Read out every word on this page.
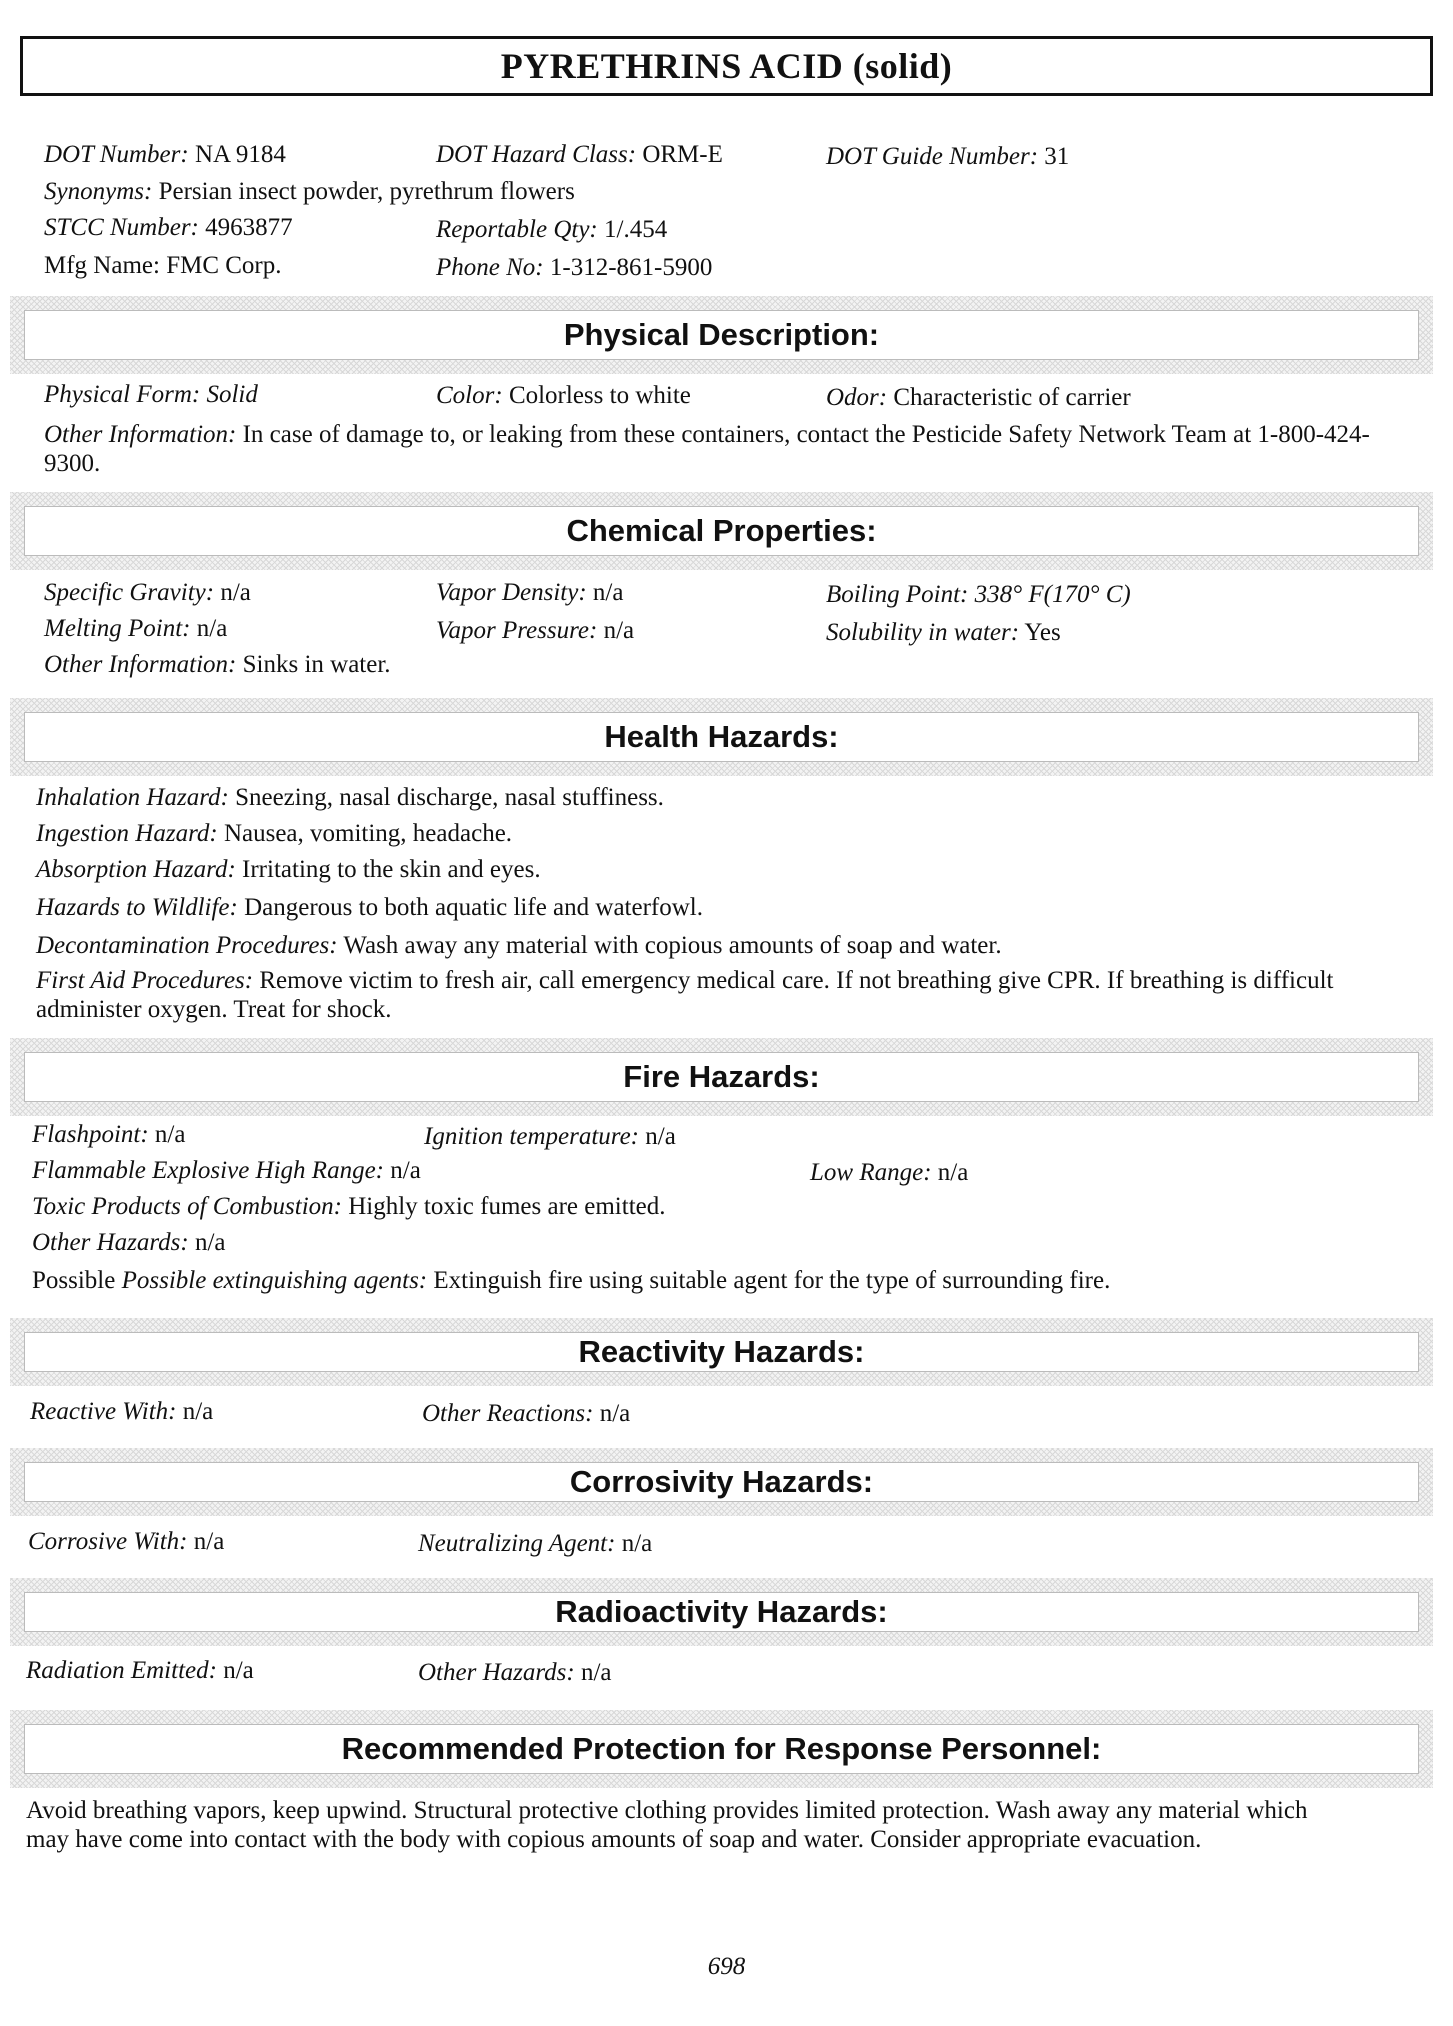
PYRETHRINS ACID (solid)
DOT Number: NA 9184	DOT Hazard Class: ORM-E	DOT Guide Number: 31
Synonyms: Persian insect powder, pyrethrum flowers
STCC Number: 4963877	Reportable Qty: 1/.454
Mfg Name: FMC Corp.	Phone No: 1-312-861-5900
Physical Description:
Physical Form: Solid	Color: Colorless to white	Odor: Characteristic of carrier
Other Information: In case of damage to, or leaking from these containers, contact the Pesticide Safety Network Team at 1-800-424-9300.
Chemical Properties:
Specific Gravity: n/a	Vapor Density: n/a	Boiling Point: 338° F(170° C)
Melting Point: n/a	Vapor Pressure: n/a	Solubility in water: Yes
Other Information: Sinks in water.
Health Hazards:
Inhalation Hazard: Sneezing, nasal discharge, nasal stuffiness.
Ingestion Hazard: Nausea, vomiting, headache.
Absorption Hazard: Irritating to the skin and eyes.
Hazards to Wildlife: Dangerous to both aquatic life and waterfowl.
Decontamination Procedures: Wash away any material with copious amounts of soap and water.
First Aid Procedures: Remove victim to fresh air, call emergency medical care. If not breathing give CPR. If breathing is difficult administer oxygen. Treat for shock.
Fire Hazards:
Flashpoint: n/a	Ignition temperature: n/a
Flammable Explosive High Range: n/a	Low Range: n/a
Toxic Products of Combustion: Highly toxic fumes are emitted.
Other Hazards: n/a
Possible Possible extinguishing agents: Extinguish fire using suitable agent for the type of surrounding fire.
Reactivity Hazards:
Reactive With: n/a	Other Reactions: n/a
Corrosivity Hazards:
Corrosive With: n/a	Neutralizing Agent: n/a
Radioactivity Hazards:
Radiation Emitted: n/a	Other Hazards: n/a
Recommended Protection for Response Personnel:
Avoid breathing vapors, keep upwind. Structural protective clothing provides limited protection. Wash away any material which may have come into contact with the body with copious amounts of soap and water. Consider appropriate evacuation.
698
